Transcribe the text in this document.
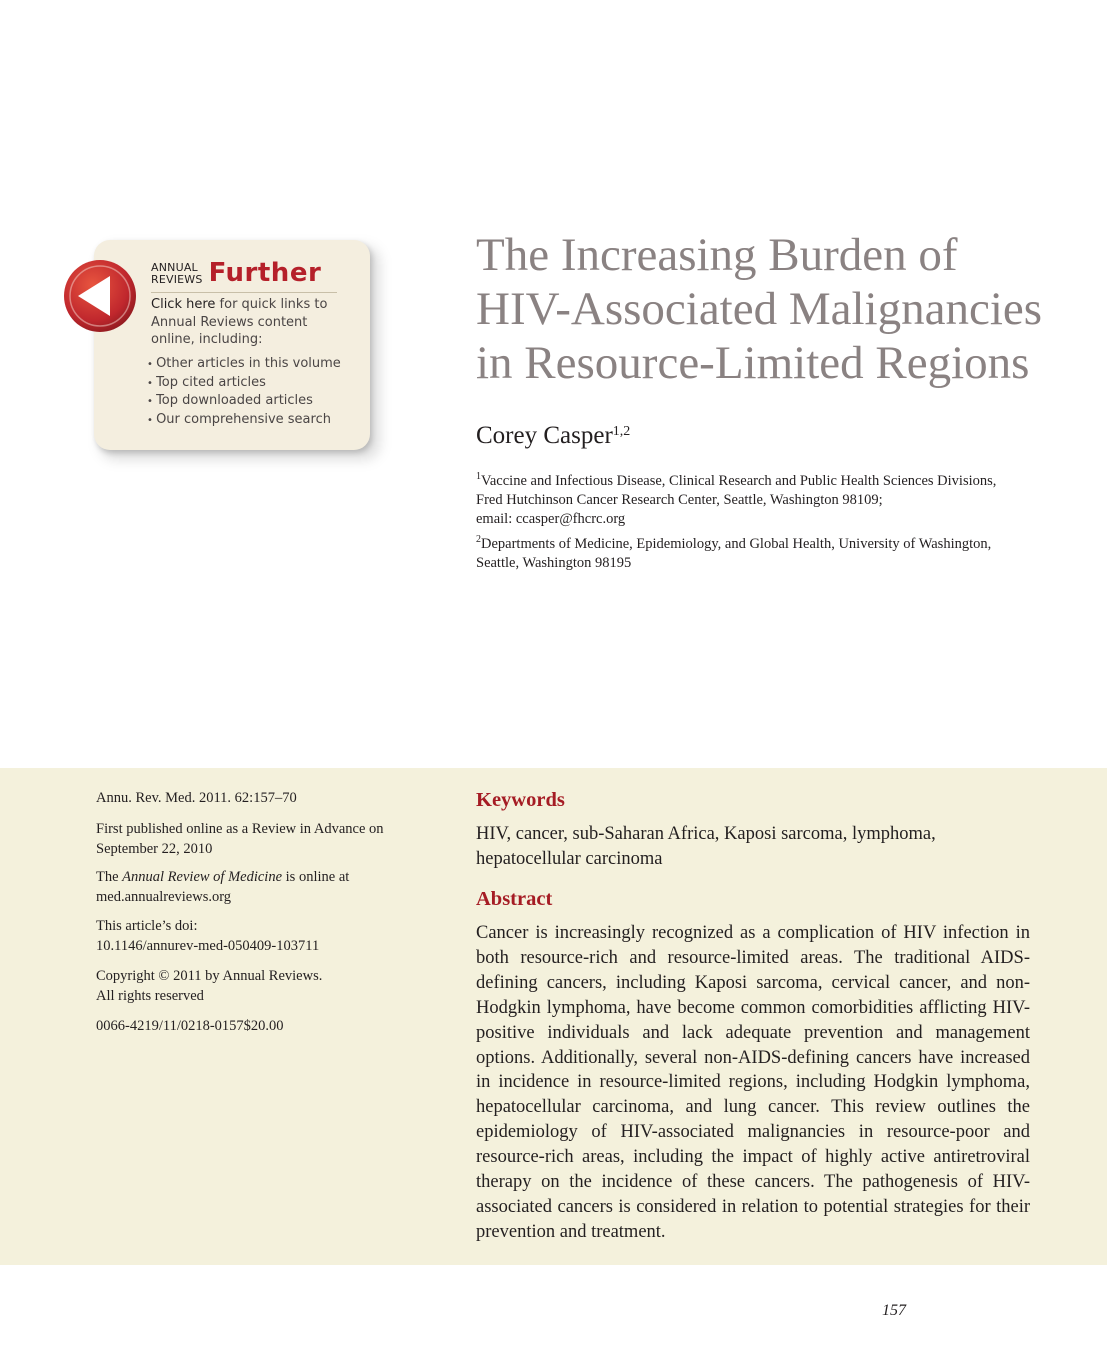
ANNUAL
REVIEWS Further
Click here for quick links to Annual Reviews content online, including:
• Other articles in this volume
• Top cited articles
• Top downloaded articles
• Our comprehensive search
The Increasing Burden of
HIV-Associated Malignancies
in Resource-Limited Regions
Corey Casper$^{1,2}$
$^1$Vaccine and Infectious Disease, Clinical Research and Public Health Sciences Divisions,
Fred Hutchinson Cancer Research Center, Seattle, Washington 98109;
email: ccasper@fhcrc.org
$^2$Departments of Medicine, Epidemiology, and Global Health, University of Washington,
Seattle, Washington 98195
Annu. Rev. Med. 2011. 62:157–70
First published online as a Review in Advance on
September 22, 2010
The Annual Review of Medicine is online at
med.annualreviews.org
This article’s doi:
10.1146/annurev-med-050409-103711
Copyright © 2011 by Annual Reviews.
All rights reserved
0066-4219/11/0218-0157$20.00
Keywords
HIV, cancer, sub-Saharan Africa, Kaposi sarcoma, lymphoma, hepatocellular carcinoma
Abstract
Cancer is increasingly recognized as a complication of HIV infection in both resource-rich and resource-limited areas. The traditional AIDS-defining cancers, including Kaposi sarcoma, cervical cancer, and non-Hodgkin lymphoma, have become common comorbidities afflicting HIV-positive individuals and lack adequate prevention and management options. Additionally, several non-AIDS-defining cancers have increased in incidence in resource-limited regions, including Hodgkin lymphoma, hepatocellular carcinoma, and lung cancer. This review outlines the epidemiology of HIV-associated malignancies in resource-poor and resource-rich areas, including the impact of highly active antiretroviral therapy on the incidence of these cancers. The pathogenesis of HIV-associated cancers is considered in relation to potential strategies for their prevention and treatment.
157
